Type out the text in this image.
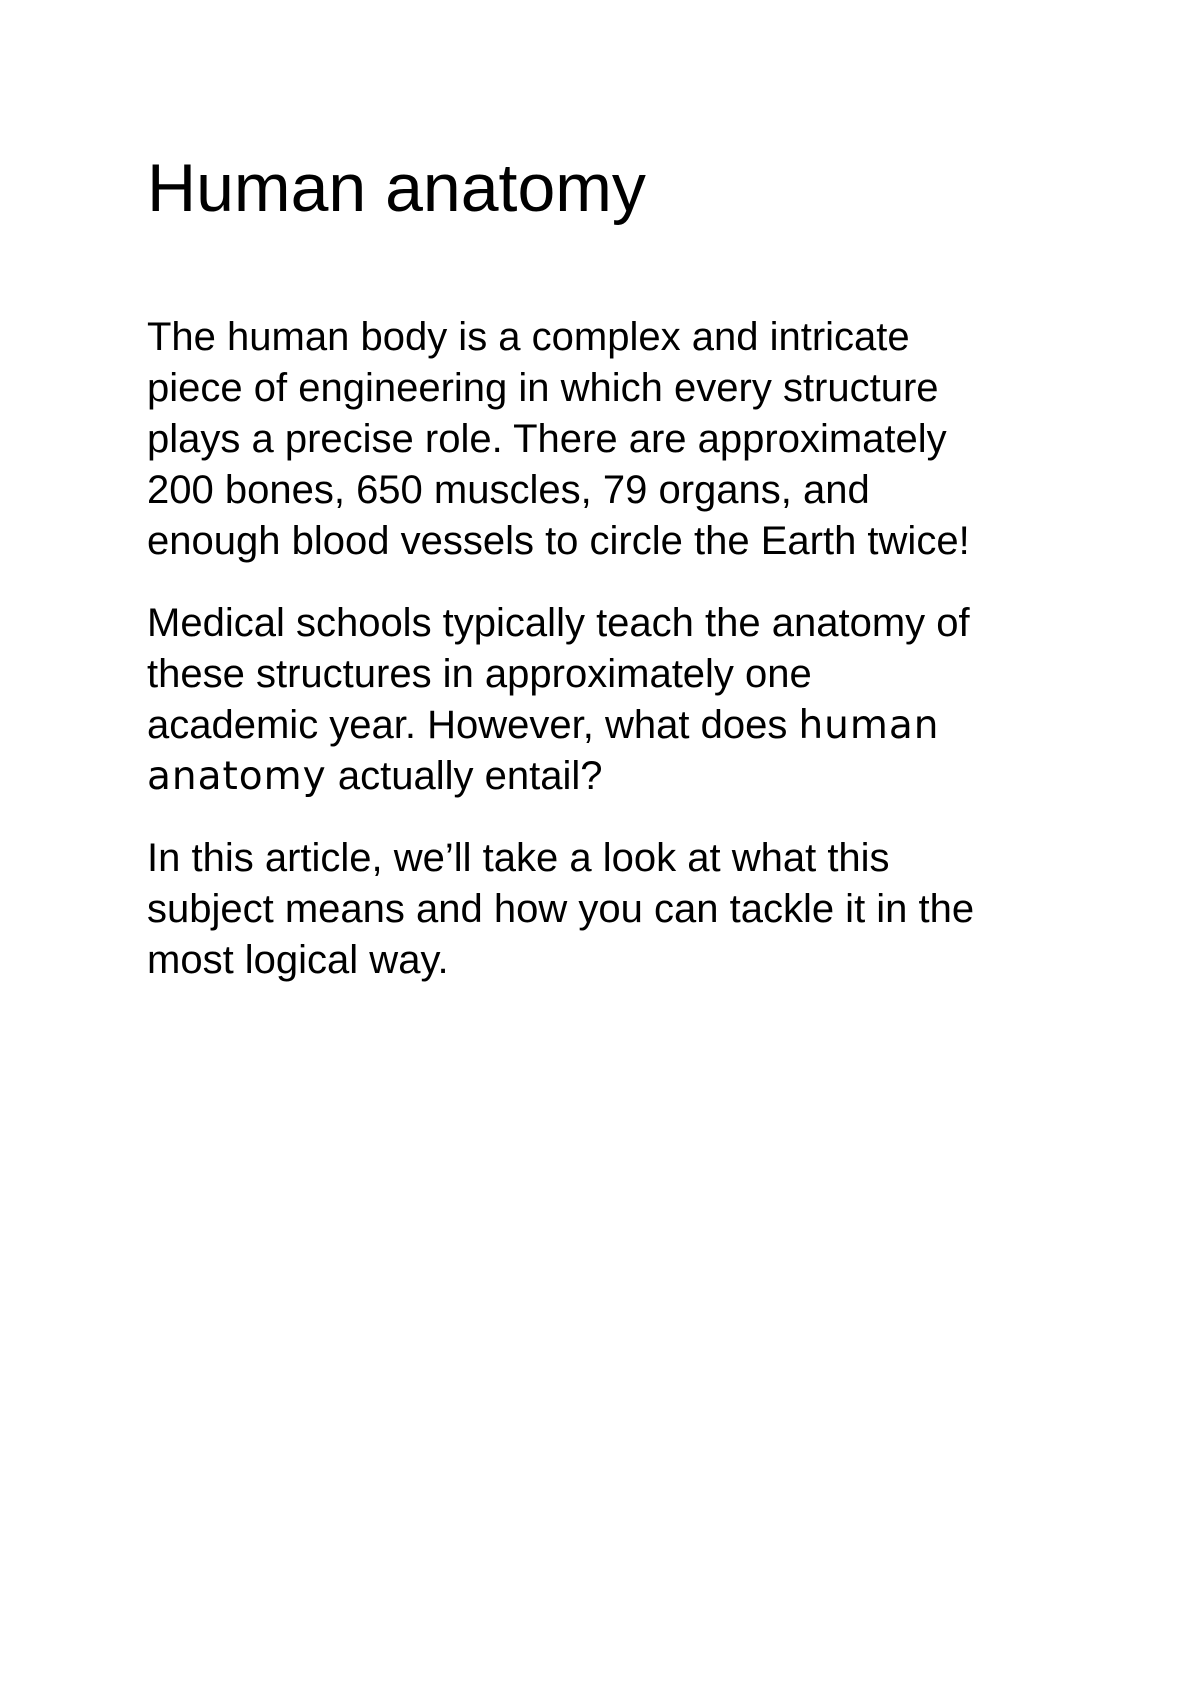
Human anatomy

The human body is a complex and intricate
piece of engineering in which every structure
plays a precise role. There are approximately
200 bones, 650 muscles, 79 organs, and
enough blood vessels to circle the Earth twice!

Medical schools typically teach the anatomy of
these structures in approximately one
academic year. However, what does human
anatomy actually entail?

In this article, we’ll take a look at what this
subject means and how you can tackle it in the
most logical way.
